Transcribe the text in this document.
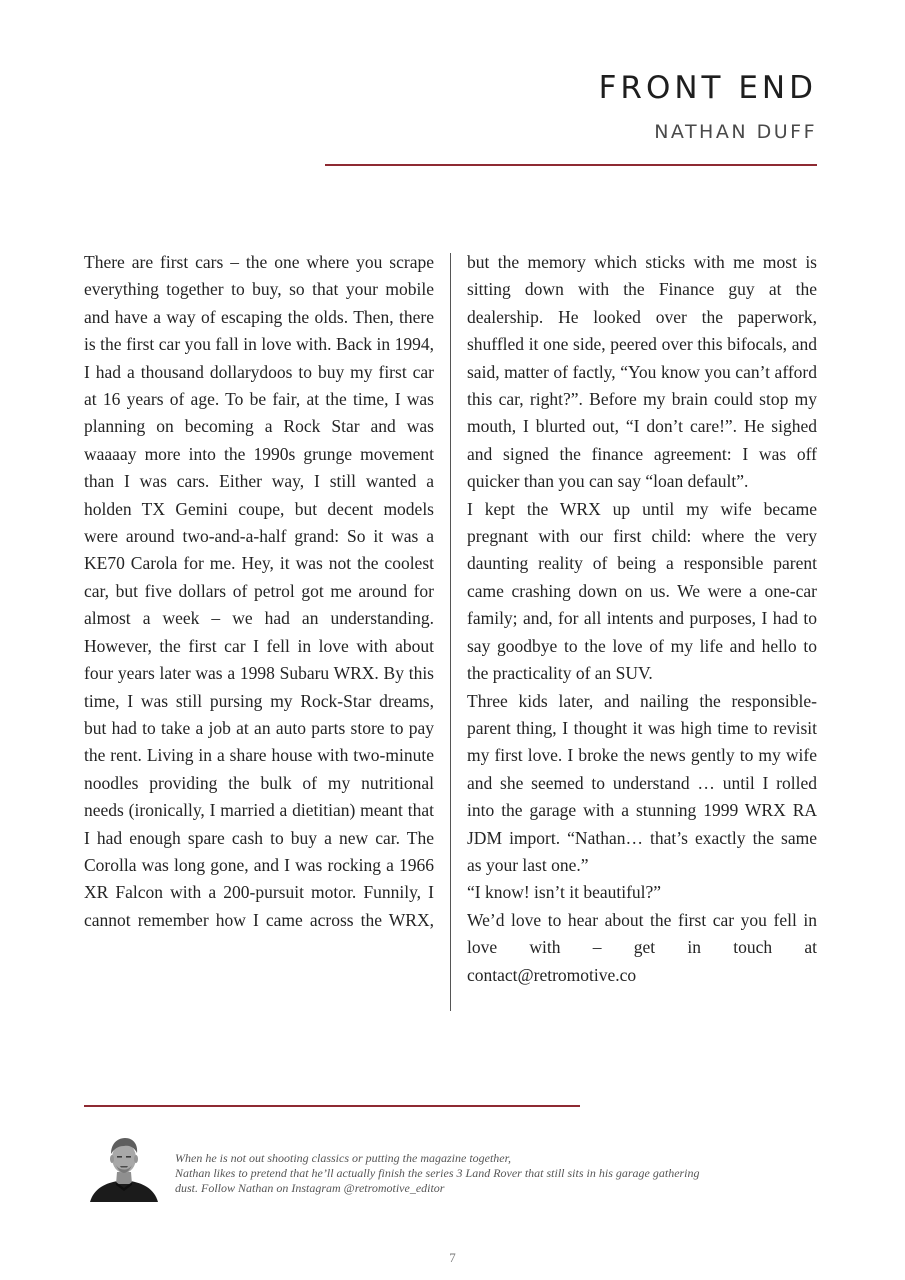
FRONT END
NATHAN DUFF

There are first cars – the one where you scrape everything together to buy, so that your mobile and have a way of escaping the olds. Then, there is the first car you fall in love with. Back in 1994, I had a thousand dollarydoos to buy my first car at 16 years of age. To be fair, at the time, I was planning on becoming a Rock Star and was waaaay more into the 1990s grunge movement than I was cars. Either way, I still wanted a holden TX Gemini coupe, but decent models were around two-and-a-half grand: So it was a KE70 Carola for me. Hey, it was not the coolest car, but five dollars of petrol got me around for almost a week – we had an understanding.

However, the first car I fell in love with about four years later was a 1998 Subaru WRX. By this time, I was still pursing my Rock-Star dreams, but had to take a job at an auto parts store to pay the rent. Living in a share house with two-minute noodles providing the bulk of my nutritional needs (ironically, I married a dietitian) meant that I had enough spare cash to buy a new car. The Corolla was long gone, and I was rocking a 1966 XR Falcon with a 200-pursuit motor. Funnily, I cannot remember how I came across the WRX,

but the memory which sticks with me most is sitting down with the Finance guy at the dealership. He looked over the paperwork, shuffled it one side, peered over this bifocals, and said, matter of factly, “You know you can’t afford this car, right?”. Before my brain could stop my mouth, I blurted out, “I don’t care!”. He sighed and signed the finance agreement: I was off quicker than you can say “loan default”.

I kept the WRX up until my wife became pregnant with our first child: where the very daunting reality of being a responsible parent came crashing down on us. We were a one-car family; and, for all intents and purposes, I had to say goodbye to the love of my life and hello to the practicality of an SUV.

Three kids later, and nailing the responsible-parent thing, I thought it was high time to revisit my first love. I broke the news gently to my wife and she seemed to understand … until I rolled into the garage with a stunning 1999 WRX RA JDM import. “Nathan… that’s exactly the same as your last one.”

“I know! isn’t it beautiful?”

We’d love to hear about the first car you fell in love with – get in touch at contact@retromotive.co

When he is not out shooting classics or putting the magazine together,
Nathan likes to pretend that he’ll actually finish the series 3 Land Rover that still sits in his garage gathering
dust. Follow Nathan on Instagram @retromotive_editor
7
